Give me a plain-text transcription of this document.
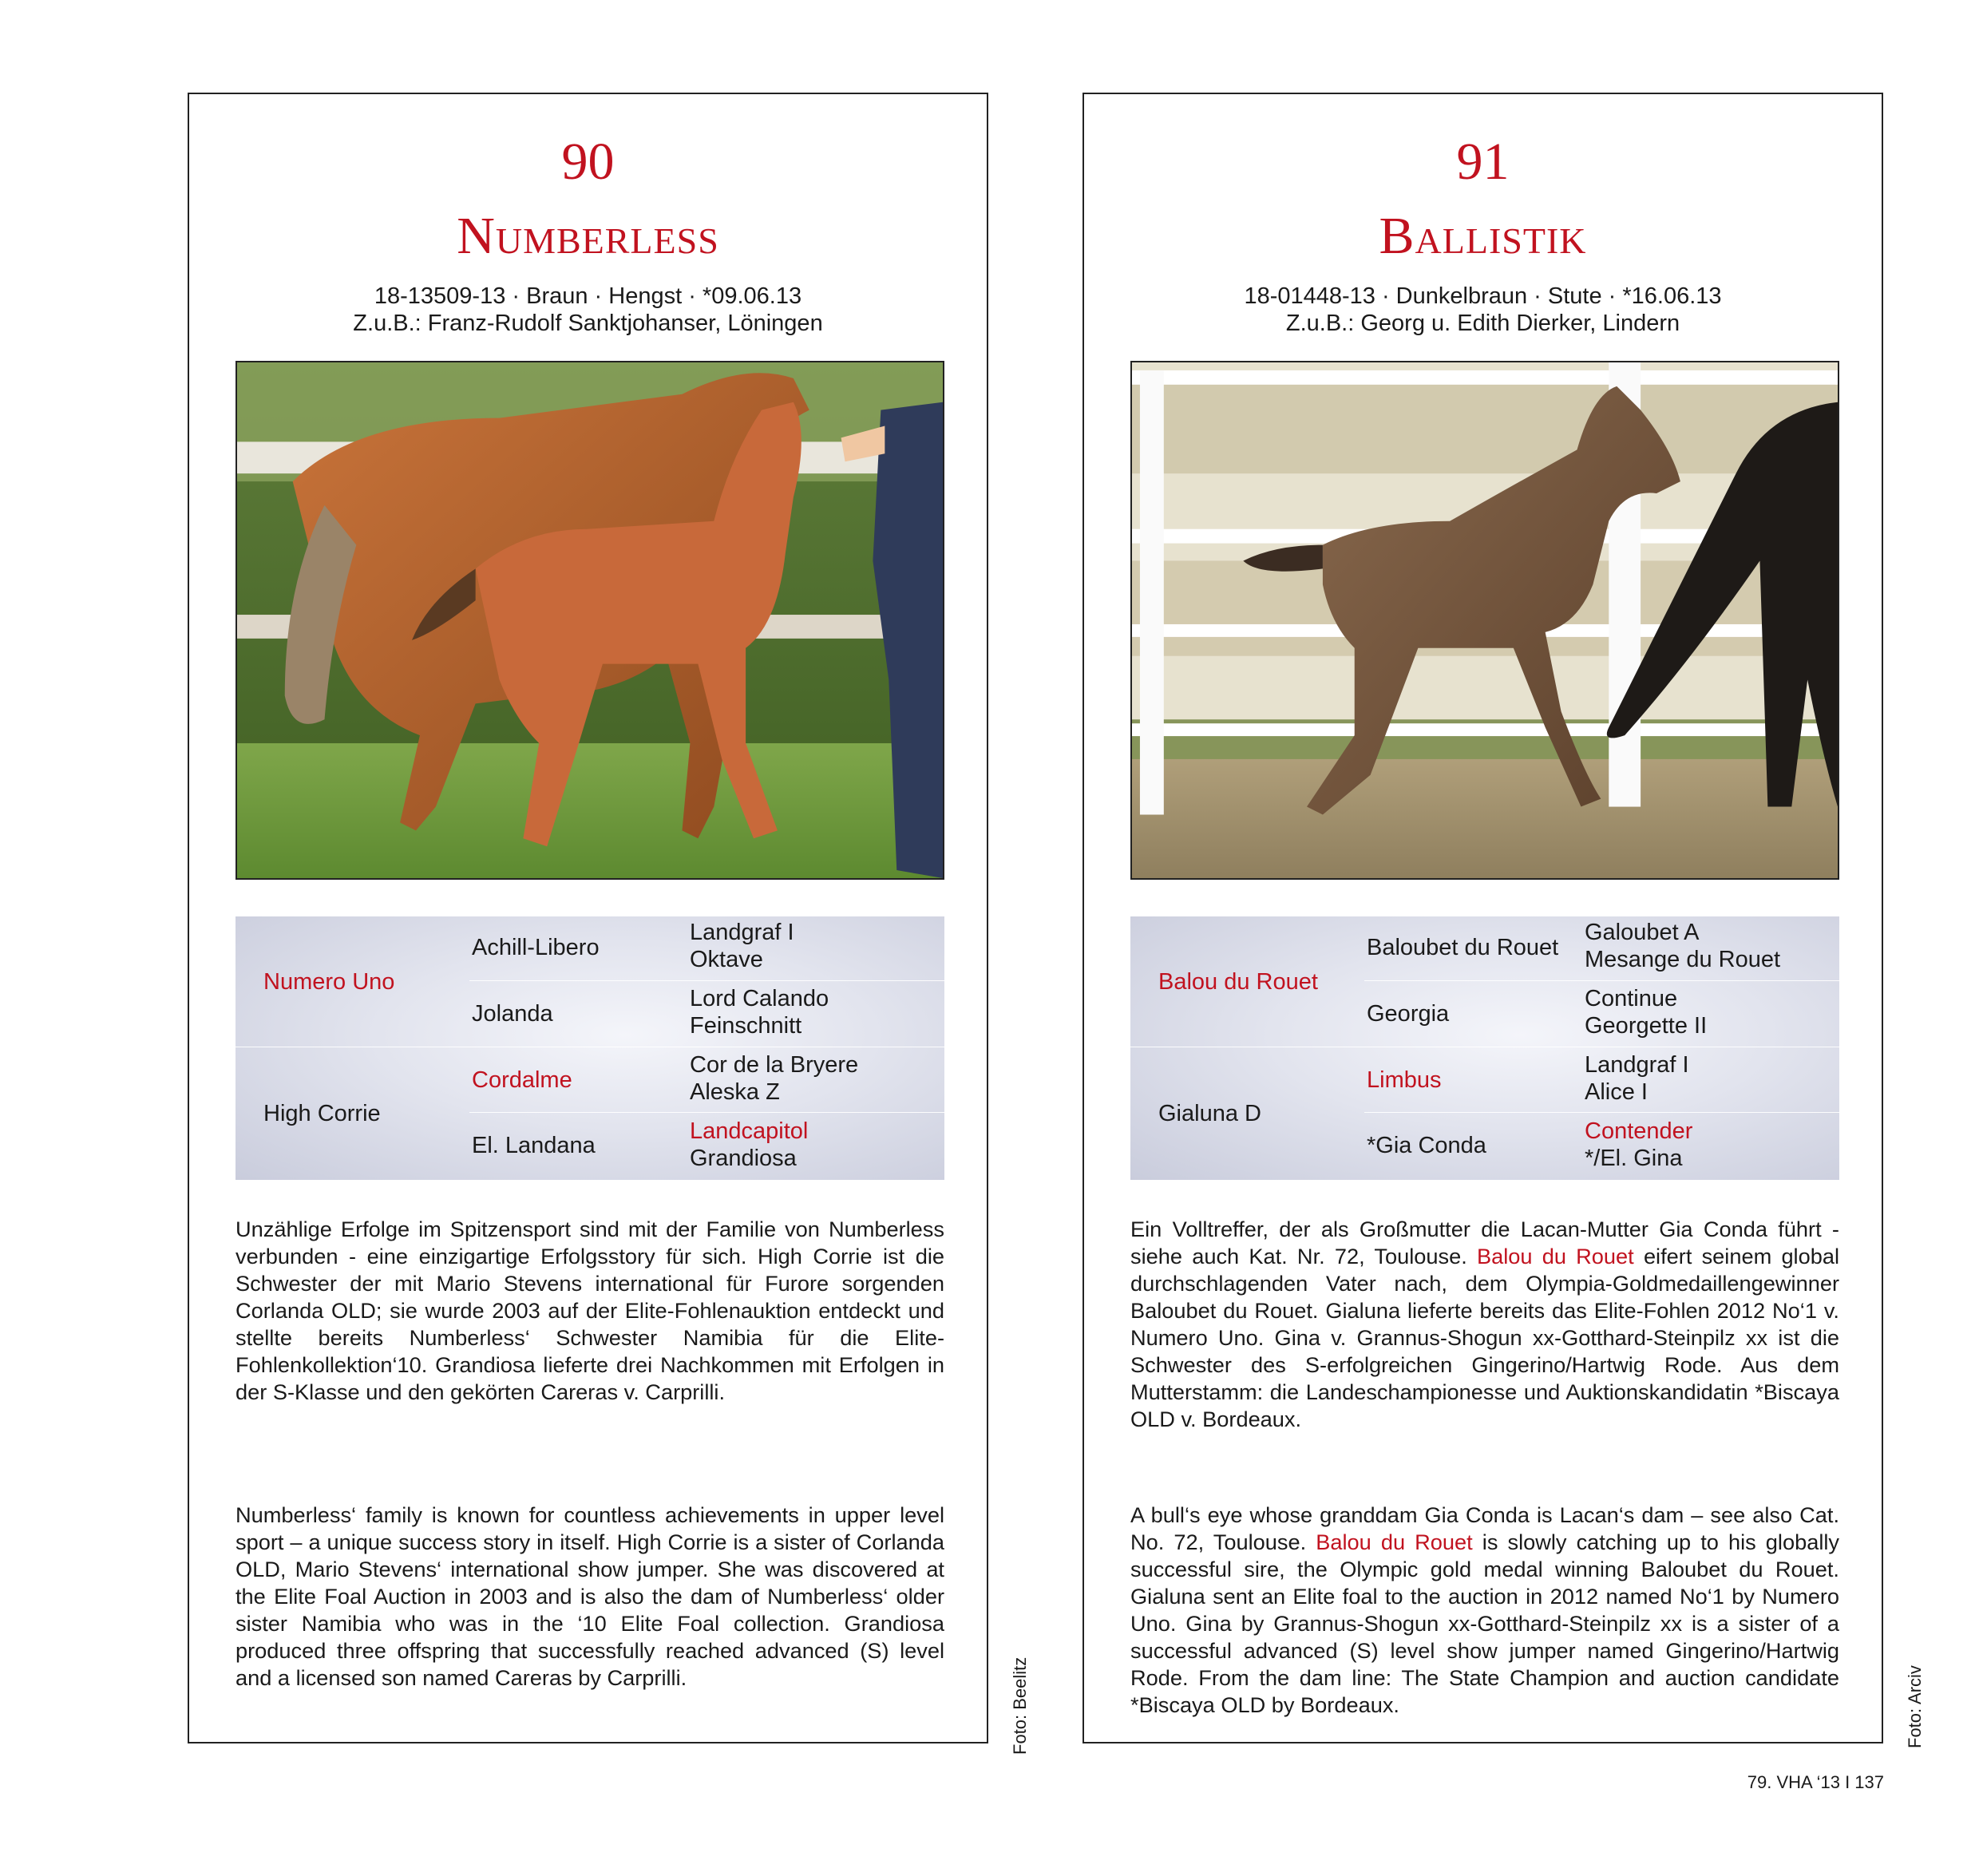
90
Numberless
18-13509-13 · Braun · Hengst · *09.06.13
Z.u.B.: Franz-Rudolf Sanktjohanser, Löningen
Numero Uno
High Corrie
Achill-Libero
Jolanda
Cordalme
El. Landana
Landgraf I
Oktave
Lord Calando
Feinschnitt
Cor de la Bryere
Aleska Z
Landcapitol
Grandiosa
Unzählige Erfolge im Spitzensport sind mit der Familie von Numberless verbunden - eine einzigartige Erfolgsstory für sich. High Corrie ist die Schwester der mit Mario Stevens international für Furore sorgenden Corlanda OLD; sie wurde 2003 auf der Elite-Fohlenauktion entdeckt und stellte bereits Numberless‘ Schwester Namibia für die Elite-Fohlenkollektion‘10. Grandiosa lieferte drei Nachkommen mit Erfolgen in der S-Klasse und den gekörten Careras v. Carprilli.
Numberless‘ family is known for countless achievements in upper level sport – a unique success story in itself. High Corrie is a sister of Corlanda OLD, Mario Stevens‘ international show jumper. She was discovered at the Elite Foal Auction in 2003 and is also the dam of Numberless‘ older sister Namibia who was in the ‘10 Elite Foal collection. Grandiosa produced three offspring that successfully reached advanced (S) level and a licensed son named Careras by Carprilli.	Foto: Beelitz
91
Ballistik
18-01448-13 · Dunkelbraun · Stute · *16.06.13
Z.u.B.: Georg u. Edith Dierker, Lindern
Balou du Rouet
Gialuna D
Baloubet du Rouet
Georgia
Limbus
*Gia Conda
Galoubet A
Mesange du Rouet
Continue
Georgette II
Landgraf I
Alice I
Contender
*/El. Gina
Ein Volltreffer, der als Großmutter die Lacan-Mutter Gia Conda führt - siehe auch Kat. Nr. 72, Toulouse. Balou du Rouet eifert seinem global durchschlagenden Vater nach, dem Olympia-Goldmedaillengewinner Baloubet du Rouet. Gialuna lieferte bereits das Elite-Fohlen 2012 No‘1 v. Numero Uno. Gina v. Grannus-Shogun xx-Gotthard-Steinpilz xx ist die Schwester des S-erfolgreichen Gingerino/Hartwig Rode. Aus dem Mutterstamm: die Landeschampionesse und Auktionskandidatin *Biscaya OLD v. Bordeaux.
A bull‘s eye whose granddam Gia Conda is Lacan‘s dam – see also Cat. No. 72, Toulouse. Balou du Rouet is slowly catching up to his globally successful sire, the Olympic gold medal winning Baloubet du Rouet. Gialuna sent an Elite foal to the auction in 2012 named No‘1 by Numero Uno. Gina by Grannus-Shogun xx-Gotthard-Steinpilz xx is a sister of a successful advanced (S) level show jumper named Gingerino/Hartwig Rode. From the dam line: The State Champion and auction candidate *Biscaya OLD by Bordeaux.	Foto: Arciv
79. VHA ‘13 I 137
